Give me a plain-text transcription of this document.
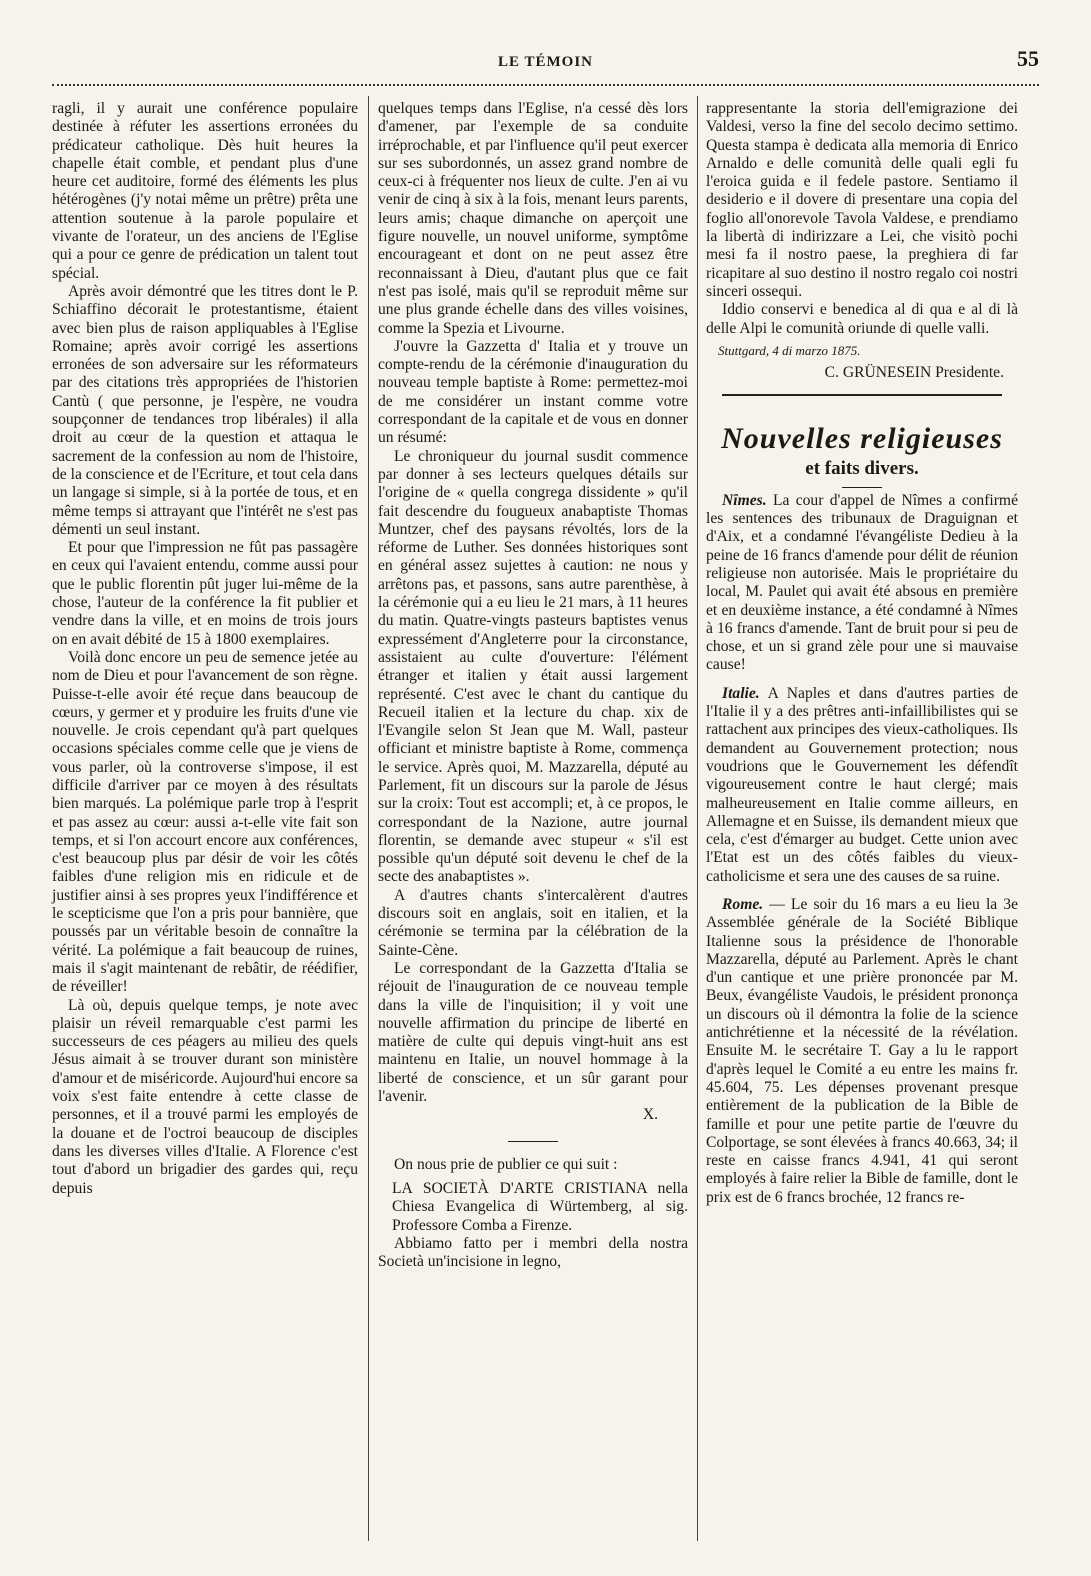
LE TÉMOIN	55

ragli, il y aurait une conférence populaire destinée à réfuter les assertions erronées du prédicateur catholique. Dès huit heures la chapelle était comble, et pendant plus d'une heure cet auditoire, formé des éléments les plus hétérogènes (j'y notai même un prêtre) prêta une attention soutenue à la parole populaire et vivante de l'orateur, un des anciens de l'Eglise qui a pour ce genre de prédication un talent tout spécial.

Après avoir démontré que les titres dont le P. Schiaffino décorait le protestantisme, étaient avec bien plus de raison appliquables à l'Eglise Romaine; après avoir corrigé les assertions erronées de son adversaire sur les réformateurs par des citations très appropriées de l'historien Cantù ( que personne, je l'espère, ne voudra soupçonner de tendances trop libérales) il alla droit au cœur de la question et attaqua le sacrement de la confession au nom de l'histoire, de la conscience et de l'Ecriture, et tout cela dans un langage si simple, si à la portée de tous, et en même temps si attrayant que l'intérêt ne s'est pas démenti un seul instant.

Et pour que l'impression ne fût pas passagère en ceux qui l'avaient entendu, comme aussi pour que le public florentin pût juger lui-même de la chose, l'auteur de la conférence la fit publier et vendre dans la ville, et en moins de trois jours on en avait débité de 15 à 1800 exemplaires.

Voilà donc encore un peu de semence jetée au nom de Dieu et pour l'avancement de son règne. Puisse-t-elle avoir été reçue dans beaucoup de cœurs, y germer et y produire les fruits d'une vie nouvelle. Je crois cependant qu'à part quelques occasions spéciales comme celle que je viens de vous parler, où la controverse s'impose, il est difficile d'arriver par ce moyen à des résultats bien marqués. La polémique parle trop à l'esprit et pas assez au cœur: aussi a-t-elle vite fait son temps, et si l'on accourt encore aux conférences, c'est beaucoup plus par désir de voir les côtés faibles d'une religion mis en ridicule et de justifier ainsi à ses propres yeux l'indifférence et le scepticisme que l'on a pris pour bannière, que poussés par un véritable besoin de connaître la vérité. La polémique a fait beaucoup de ruines, mais il s'agit maintenant de rebâtir, de réédifier, de réveiller!

Là où, depuis quelque temps, je note avec plaisir un réveil remarquable c'est parmi les successeurs de ces péagers au milieu des quels Jésus aimait à se trouver durant son ministère d'amour et de miséricorde. Aujourd'hui encore sa voix s'est faite entendre à cette classe de personnes, et il a trouvé parmi les employés de la douane et de l'octroi beaucoup de disciples dans les diverses villes d'Italie. A Florence c'est tout d'abord un brigadier des gardes qui, reçu depuis

quelques temps dans l'Eglise, n'a cessé dès lors d'amener, par l'exemple de sa conduite irréprochable, et par l'influence qu'il peut exercer sur ses subordonnés, un assez grand nombre de ceux-ci à fréquenter nos lieux de culte. J'en ai vu venir de cinq à six à la fois, menant leurs parents, leurs amis; chaque dimanche on aperçoit une figure nouvelle, un nouvel uniforme, symptôme encourageant et dont on ne peut assez être reconnaissant à Dieu, d'autant plus que ce fait n'est pas isolé, mais qu'il se reproduit même sur une plus grande échelle dans des villes voisines, comme la Spezia et Livourne.

J'ouvre la Gazzetta d' Italia et y trouve un compte-rendu de la cérémonie d'inauguration du nouveau temple baptiste à Rome: permettez-moi de me considérer un instant comme votre correspondant de la capitale et de vous en donner un résumé:

Le chroniqueur du journal susdit commence par donner à ses lecteurs quelques détails sur l'origine de « quella congrega dissidente » qu'il fait descendre du fougueux anabaptiste Thomas Muntzer, chef des paysans révoltés, lors de la réforme de Luther. Ses données historiques sont en général assez sujettes à caution: ne nous y arrêtons pas, et passons, sans autre parenthèse, à la cérémonie qui a eu lieu le 21 mars, à 11 heures du matin. Quatre-vingts pasteurs baptistes venus expressément d'Angleterre pour la circonstance, assistaient au culte d'ouverture: l'élément étranger et italien y était aussi largement représenté. C'est avec le chant du cantique du Recueil italien et la lecture du chap. xix de l'Evangile selon St Jean que M. Wall, pasteur officiant et ministre baptiste à Rome, commença le service. Après quoi, M. Mazzarella, député au Parlement, fit un discours sur la parole de Jésus sur la croix: Tout est accompli; et, à ce propos, le correspondant de la Nazione, autre journal florentin, se demande avec stupeur « s'il est possible qu'un député soit devenu le chef de la secte des anabaptistes ».

A d'autres chants s'intercalèrent d'autres discours soit en anglais, soit en italien, et la cérémonie se termina par la célébration de la Sainte-Cène.

Le correspondant de la Gazzetta d'Italia se réjouit de l'inauguration de ce nouveau temple dans la ville de l'inquisition; il y voit une nouvelle affirmation du principe de liberté en matière de culte qui depuis vingt-huit ans est maintenu en Italie, un nouvel hommage à la liberté de conscience, et un sûr garant pour l'avenir.

X.

On nous prie de publier ce qui suit :

LA SOCIETÀ D'ARTE CRISTIANA nella Chiesa Evangelica di Würtemberg, al sig. Professore Comba a Firenze.

Abbiamo fatto per i membri della nostra Società un'incisione in legno,

rappresentante la storia dell'emigrazione dei Valdesi, verso la fine del secolo decimo settimo. Questa stampa è dedicata alla memoria di Enrico Arnaldo e delle comunità delle quali egli fu l'eroica guida e il fedele pastore. Sentiamo il desiderio e il dovere di presentare una copia del foglio all'onorevole Tavola Valdese, e prendiamo la libertà di indirizzare a Lei, che visitò pochi mesi fa il nostro paese, la preghiera di far ricapitare al suo destino il nostro regalo coi nostri sinceri ossequi.

Iddio conservi e benedica al di qua e al di là delle Alpi le comunità oriunde di quelle valli.

Stuttgard, 4 di marzo 1875.

C. GRÜNESEIN Presidente.

Nouvelles religieuses
et faits divers.

Nîmes. La cour d'appel de Nîmes a confirmé les sentences des tribunaux de Draguignan et d'Aix, et a condamné l'évangéliste Dedieu à la peine de 16 francs d'amende pour délit de réunion religieuse non autorisée. Mais le propriétaire du local, M. Paulet qui avait été absous en première et en deuxième instance, a été condamné à Nîmes à 16 francs d'amende. Tant de bruit pour si peu de chose, et un si grand zèle pour une si mauvaise cause!

Italie. A Naples et dans d'autres parties de l'Italie il y a des prêtres anti-infaillibilistes qui se rattachent aux principes des vieux-catholiques. Ils demandent au Gouvernement protection; nous voudrions que le Gouvernement les défendît vigoureusement contre le haut clergé; mais malheureusement en Italie comme ailleurs, en Allemagne et en Suisse, ils demandent mieux que cela, c'est d'émarger au budget. Cette union avec l'Etat est un des côtés faibles du vieux-catholicisme et sera une des causes de sa ruine.

Rome. — Le soir du 16 mars a eu lieu la 3e Assemblée générale de la Société Biblique Italienne sous la présidence de l'honorable Mazzarella, député au Parlement. Après le chant d'un cantique et une prière prononcée par M. Beux, évangéliste Vaudois, le président prononça un discours où il démontra la folie de la science antichrétienne et la nécessité de la révélation. Ensuite M. le secrétaire T. Gay a lu le rapport d'après lequel le Comité a eu entre les mains fr. 45.604, 75. Les dépenses provenant presque entièrement de la publication de la Bible de famille et pour une petite partie de l'œuvre du Colportage, se sont élevées à francs 40.663, 34; il reste en caisse francs 4.941, 41 qui seront employés à faire relier la Bible de famille, dont le prix est de 6 francs brochée, 12 francs re-
